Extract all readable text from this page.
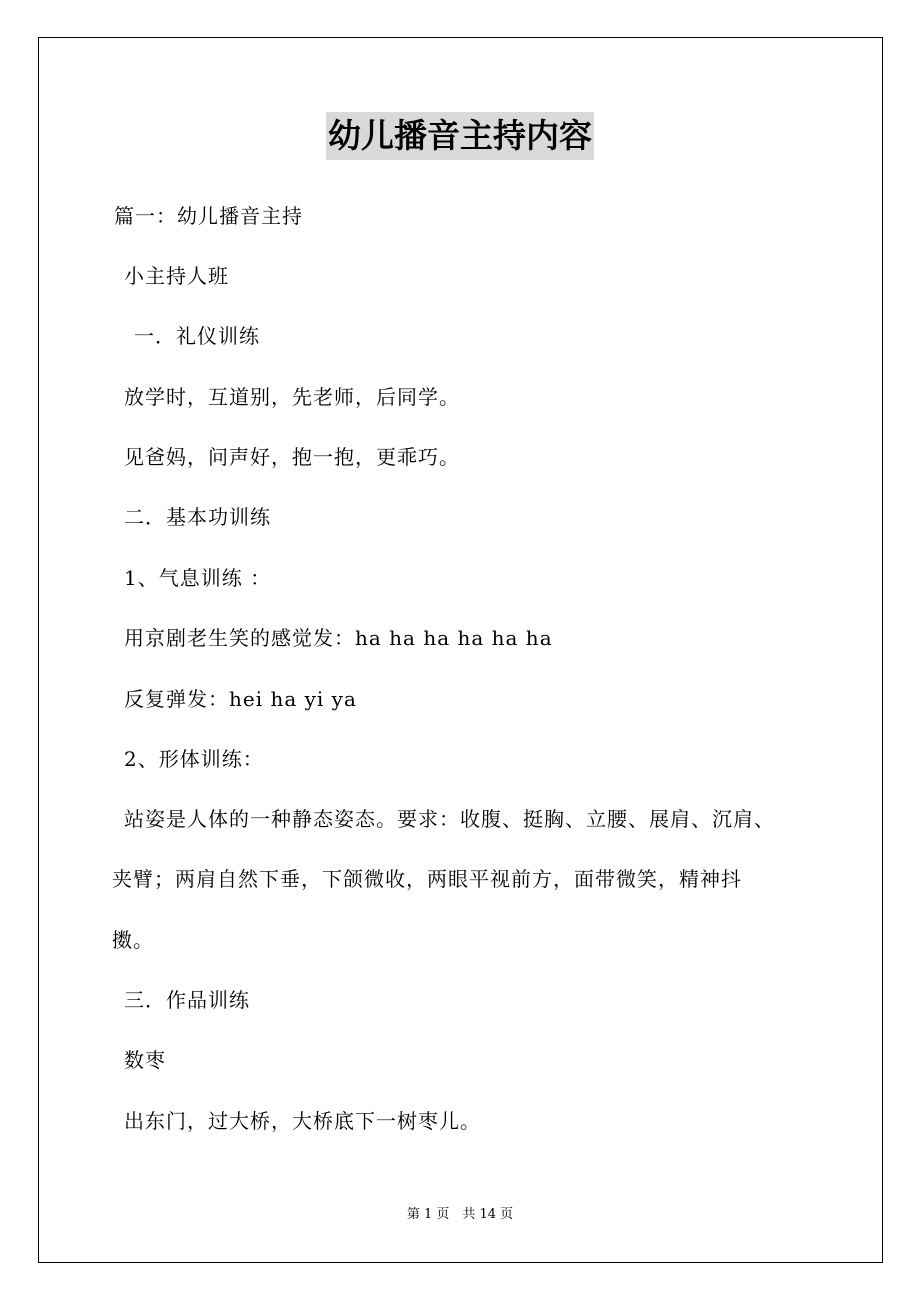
幼儿播音主持内容
篇一：幼儿播音主持
小主持人班
一．礼仪训练
放学时，互道别，先老师，后同学。
见爸妈，问声好，抱一抱，更乖巧。
二．基本功训练
1、气息训练 ：
用京剧老生笑的感觉发：ha ha ha ha ha ha
反复弹发：hei ha yi ya
2、形体训练：
站姿是人体的一种静态姿态。要求：收腹、挺胸、立腰、展肩、沉肩、
夹臂；两肩自然下垂，下颌微收，两眼平视前方，面带微笑，精神抖
擞。
三．作品训练
数枣
出东门，过大桥，大桥底下一树枣儿。
第 1 页　共 14 页
